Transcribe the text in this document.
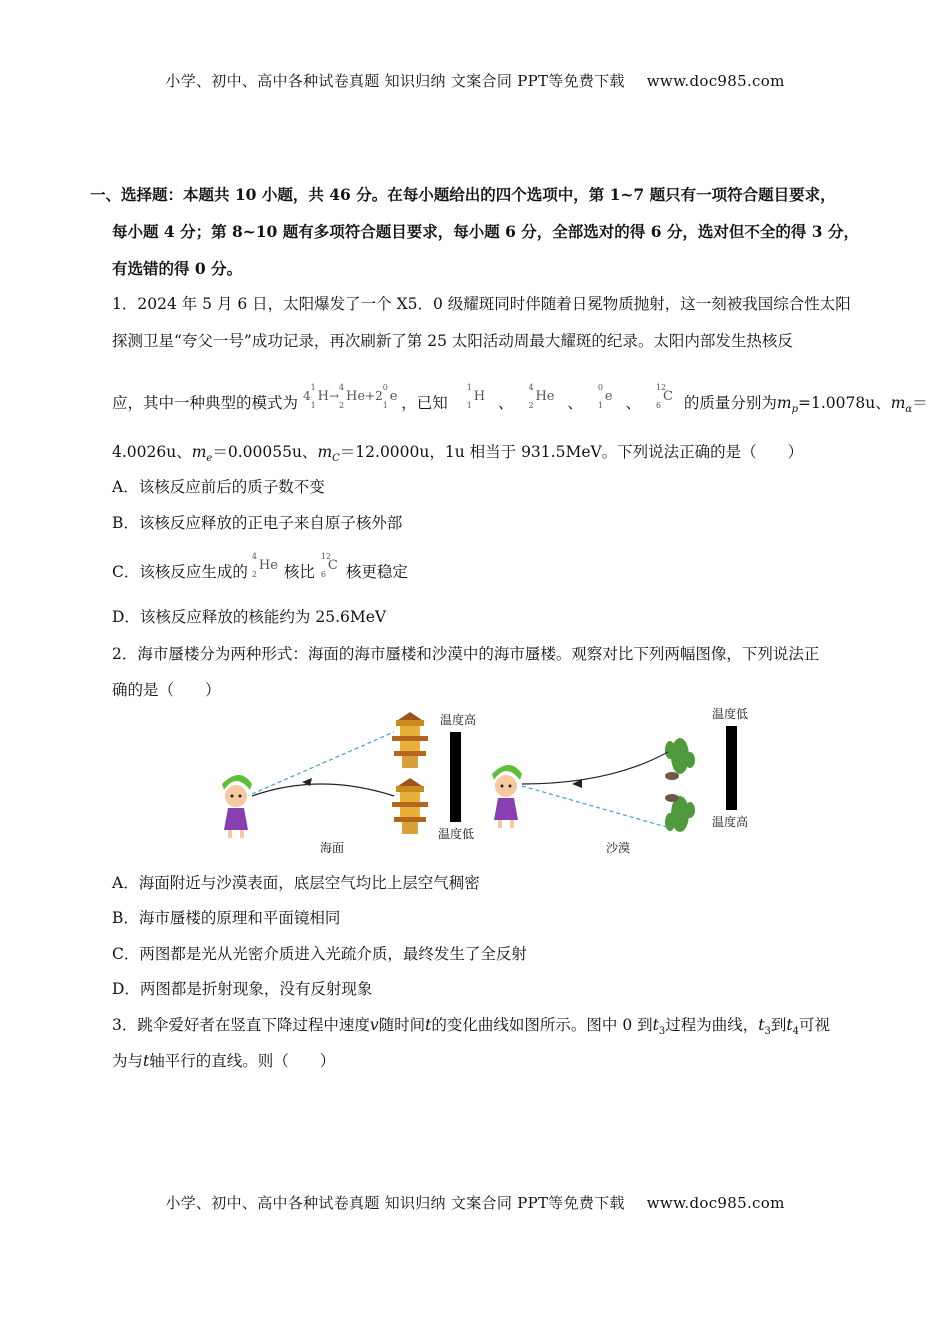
小学、初中、高中各种试卷真题 知识归纳 文案合同 PPT等免费下载 www.doc985.com
一、选择题：本题共 10 小题，共 46 分。在每小题给出的四个选项中，第 1~7 题只有一项符合题目要求，
每小题 4 分；第 8~10 题有多项符合题目要求，每小题 6 分，全部选对的得 6 分，选对但不全的得 3 分，
有选错的得 0 分。
1．2024 年 5 月 6 日，太阳爆发了一个 X5．0 级耀斑同时伴随着日冕物质抛射，这一刻被我国综合性太阳
探测卫星“夸父一号”成功记录，再次刷新了第 25 太阳活动周最大耀斑的纪录。太阳内部发生热核反
应，其中一种典型的模式为 $^{4 1 1 H\to 4 2 He+2 0 1 e}$ ，已知
1
1
H 、
4
2
He 、
0
1
e 、
12
6
C 的质量分别为$m_p=1.0078u$、$m_\alpha=$
4.0026u、$m_e=0.00055u$、$m_C=12.0000u$，1u 相当于 931.5MeV。下列说法正确的是（　　）
A．该核反应前后的质子数不变
B．该核反应释放的正电子来自原子核外部
C．该核反应生成的
4
2
He 核比
12
6
C 核更稳定
D．该核反应释放的核能约为 25.6MeV
2．海市蜃楼分为两种形式：海面的海市蜃楼和沙漠中的海市蜃楼。观察对比下列两幅图像，下列说法正
确的是（　　）
温度高
温度低
海面
温度低
温度高
沙漠
A．海面附近与沙漠表面，底层空气均比上层空气稠密
B．海市蜃楼的原理和平面镜相同
C．两图都是光从光密介质进入光疏介质，最终发生了全反射
D．两图都是折射现象，没有反射现象
3．跳伞爱好者在竖直下降过程中速度v随时间t的变化曲线如图所示。图中 0 到$t_3$过程为曲线，$t_3$到$t_4$可视
为与t轴平行的直线。则（　　）
小学、初中、高中各种试卷真题 知识归纳 文案合同 PPT等免费下载 www.doc985.com
